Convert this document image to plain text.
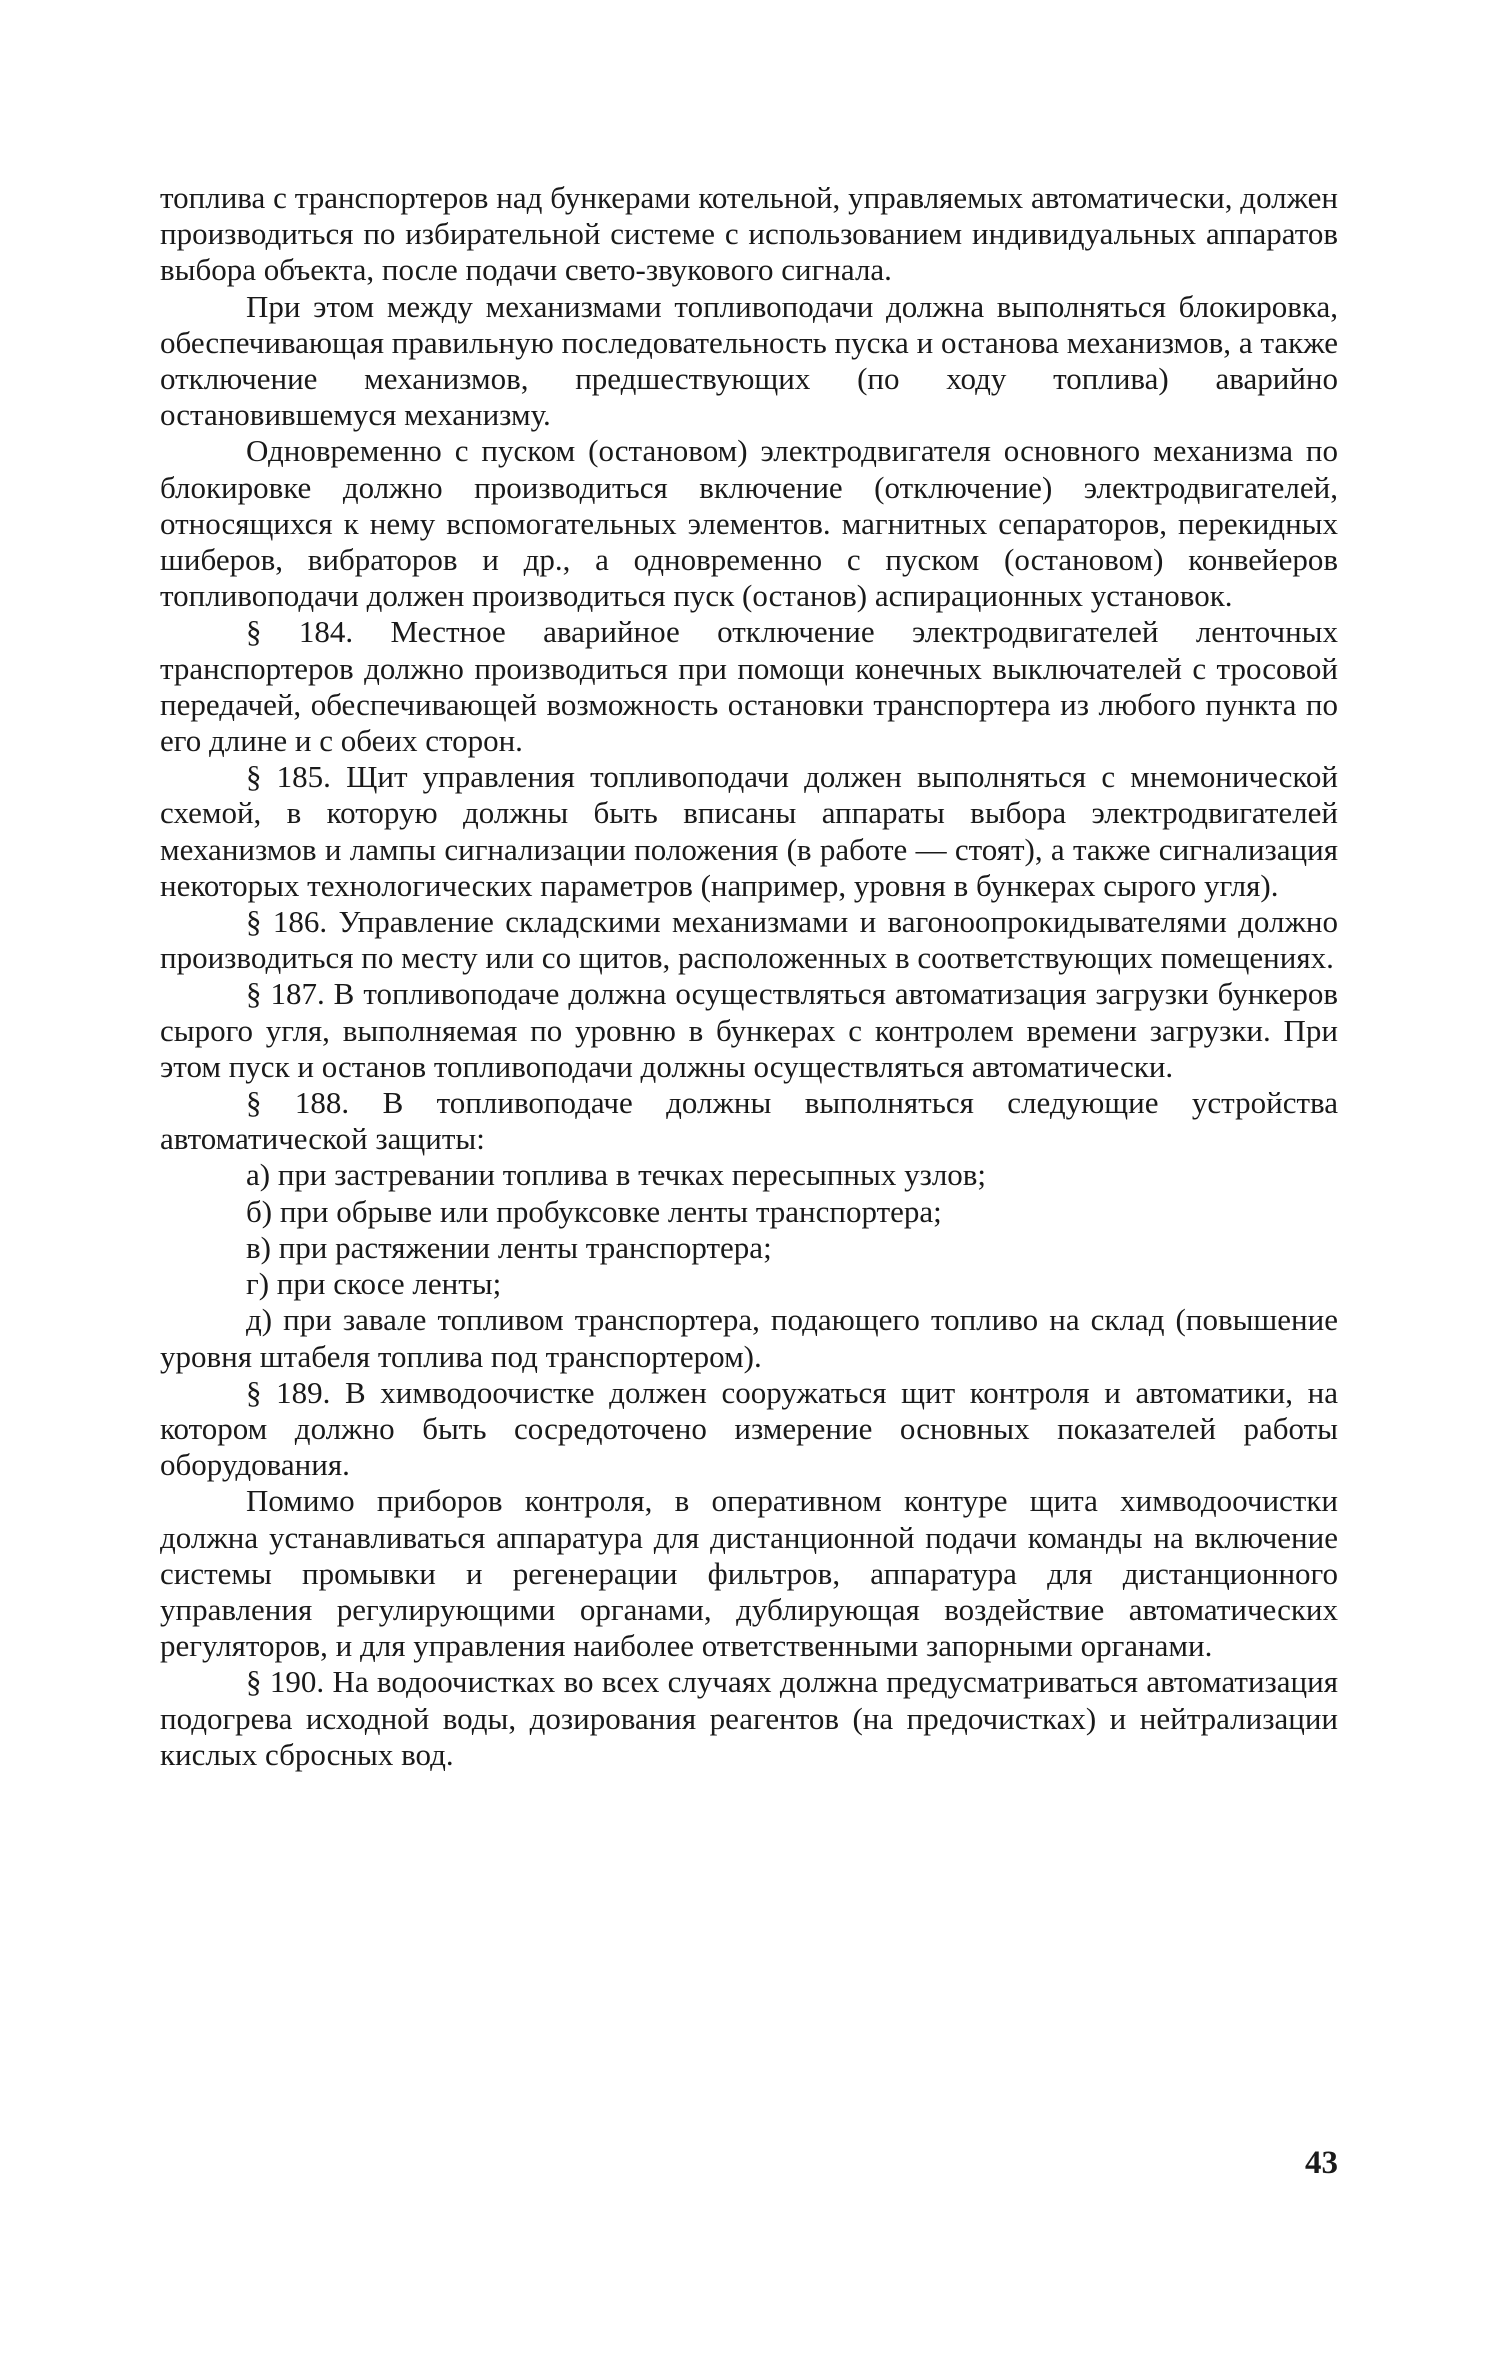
топлива с транспортеров над бункерами котельной, управляемых автоматически, должен производиться по избирательной системе с использованием индивидуальных аппаратов выбора объекта, после подачи свето-звукового сигнала.

При этом между механизмами топливоподачи должна выполняться блокировка, обеспечивающая правильную последовательность пуска и останова механизмов, а также отключение механизмов, предшествующих (по ходу топлива) аварийно остановившемуся механизму.

Одновременно с пуском (остановом) электродвигателя основного механизма по блокировке должно производиться включение (отключение) электродвигателей, относящихся к нему вспомогательных элементов. магнитных сепараторов, перекидных шиберов, вибраторов и др., а одновременно с пуском (остановом) конвейеров топливоподачи должен производиться пуск (останов) аспирационных установок.

§ 184. Местное аварийное отключение электродвигателей ленточных транспортеров должно производиться при помощи конечных выключателей с тросовой передачей, обеспечивающей возможность остановки транспортера из любого пункта по его длине и с обеих сторон.

§ 185. Щит управления топливоподачи должен выполняться с мнемонической схемой, в которую должны быть вписаны аппараты выбора электродвигателей механизмов и лампы сигнализации положения (в работе — стоят), а также сигнализация некоторых технологических параметров (например, уровня в бункерах сырого угля).

§ 186. Управление складскими механизмами и вагоноопрокидывателями должно производиться по месту или со щитов, расположенных в соответствующих помещениях.

§ 187. В топливоподаче должна осуществляться автоматизация загрузки бункеров сырого угля, выполняемая по уровню в бункерах с контролем времени загрузки. При этом пуск и останов топливоподачи должны осуществляться автоматически.

§ 188. В топливоподаче должны выполняться следующие устройства автоматической защиты:

а) при застревании топлива в течках пересыпных узлов;

б) при обрыве или пробуксовке ленты транспортера;

в) при растяжении ленты транспортера;

г) при скосе ленты;

д) при завале топливом транспортера, подающего топливо на склад (повышение уровня штабеля топлива под транспортером).

§ 189. В химводоочистке должен сооружаться щит контроля и автоматики, на котором должно быть сосредоточено измерение основных показателей работы оборудования.

Помимо приборов контроля, в оперативном контуре щита химводоочистки должна устанавливаться аппаратура для дистанционной подачи команды на включение системы промывки и регенерации фильтров, аппаратура для дистанционного управления регулирующими органами, дублирующая воздействие автоматических регуляторов, и для управления наиболее ответственными запорными органами.

§ 190. На водоочистках во всех случаях должна предусматриваться автоматизация подогрева исходной воды, дозирования реагентов (на предочистках) и нейтрализации кислых сбросных вод.

43
